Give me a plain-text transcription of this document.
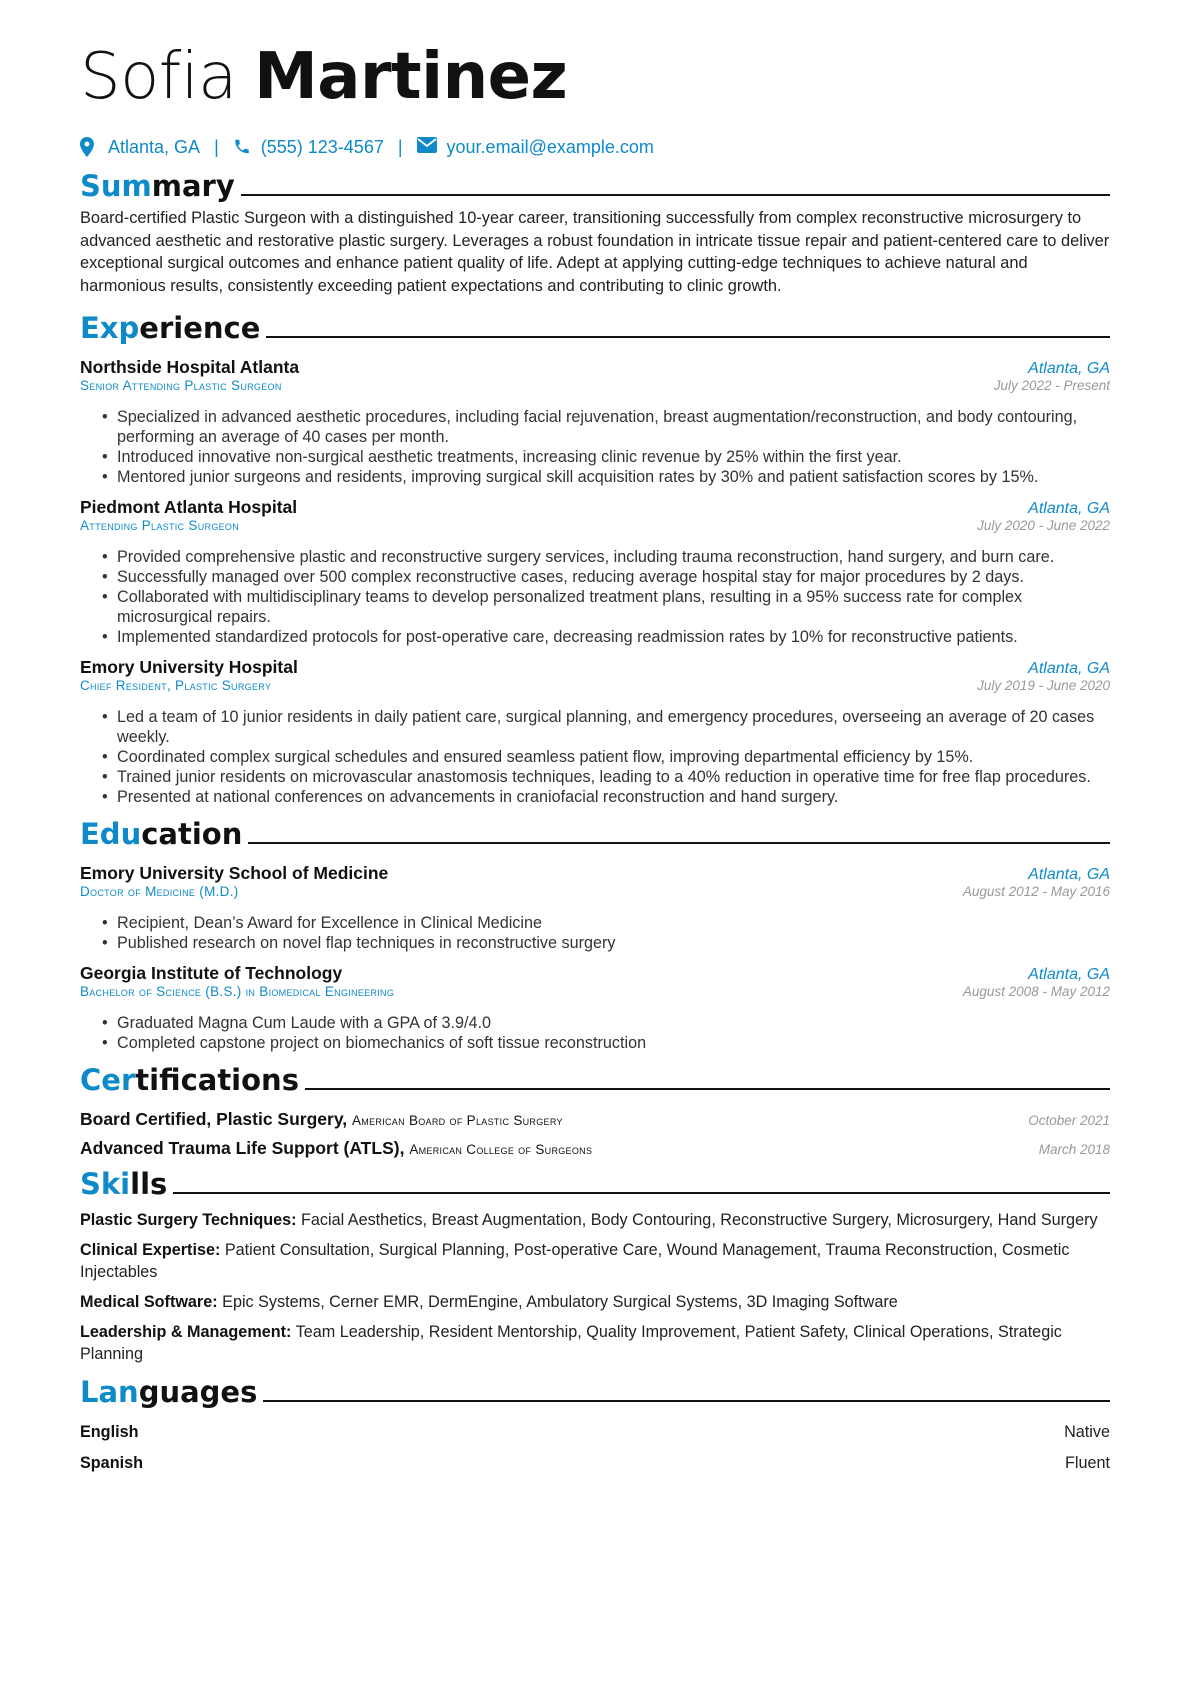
Sofia Martinez
Atlanta, GA | (555) 123-4567 | your.email@example.com
Summary

Board-certified Plastic Surgeon with a distinguished 10-year career, transitioning successfully from complex reconstructive microsurgery to advanced aesthetic and restorative plastic surgery. Leverages a robust foundation in intricate tissue repair and patient-centered care to deliver exceptional surgical outcomes and enhance patient quality of life. Adept at applying cutting-edge techniques to achieve natural and harmonious results, consistently exceeding patient expectations and contributing to clinic growth.

Experience
Northside Hospital Atlanta	Atlanta, GA
Senior Attending Plastic Surgeon	July 2022 - Present
• Specialized in advanced aesthetic procedures, including facial rejuvenation, breast augmentation/reconstruction, and body contouring, performing an average of 40 cases per month.
• Introduced innovative non-surgical aesthetic treatments, increasing clinic revenue by 25% within the first year.
• Mentored junior surgeons and residents, improving surgical skill acquisition rates by 30% and patient satisfaction scores by 15%.
Piedmont Atlanta Hospital	Atlanta, GA
Attending Plastic Surgeon	July 2020 - June 2022
• Provided comprehensive plastic and reconstructive surgery services, including trauma reconstruction, hand surgery, and burn care.
• Successfully managed over 500 complex reconstructive cases, reducing average hospital stay for major procedures by 2 days.
• Collaborated with multidisciplinary teams to develop personalized treatment plans, resulting in a 95% success rate for complex microsurgical repairs.
• Implemented standardized protocols for post-operative care, decreasing readmission rates by 10% for reconstructive patients.
Emory University Hospital	Atlanta, GA
Chief Resident, Plastic Surgery	July 2019 - June 2020
• Led a team of 10 junior residents in daily patient care, surgical planning, and emergency procedures, overseeing an average of 20 cases weekly.
• Coordinated complex surgical schedules and ensured seamless patient flow, improving departmental efficiency by 15%.
• Trained junior residents on microvascular anastomosis techniques, leading to a 40% reduction in operative time for free flap procedures.
• Presented at national conferences on advancements in craniofacial reconstruction and hand surgery.
Education
Emory University School of Medicine	Atlanta, GA
Doctor of Medicine (M.D.)	August 2012 - May 2016
• Recipient, Dean’s Award for Excellence in Clinical Medicine
• Published research on novel flap techniques in reconstructive surgery
Georgia Institute of Technology	Atlanta, GA
Bachelor of Science (B.S.) in Biomedical Engineering	August 2008 - May 2012
• Graduated Magna Cum Laude with a GPA of 3.9/4.0
• Completed capstone project on biomechanics of soft tissue reconstruction
Certifications
Board Certified, Plastic Surgery, American Board of Plastic Surgery	October 2021
Advanced Trauma Life Support (ATLS), American College of Surgeons	March 2018
Skills

Plastic Surgery Techniques: Facial Aesthetics, Breast Augmentation, Body Contouring, Reconstructive Surgery, Microsurgery, Hand Surgery

Clinical Expertise: Patient Consultation, Surgical Planning, Post-operative Care, Wound Management, Trauma Reconstruction, Cosmetic Injectables

Medical Software: Epic Systems, Cerner EMR, DermEngine, Ambulatory Surgical Systems, 3D Imaging Software

Leadership & Management: Team Leadership, Resident Mentorship, Quality Improvement, Patient Safety, Clinical Operations, Strategic Planning

Languages
English	Native
Spanish	Fluent
